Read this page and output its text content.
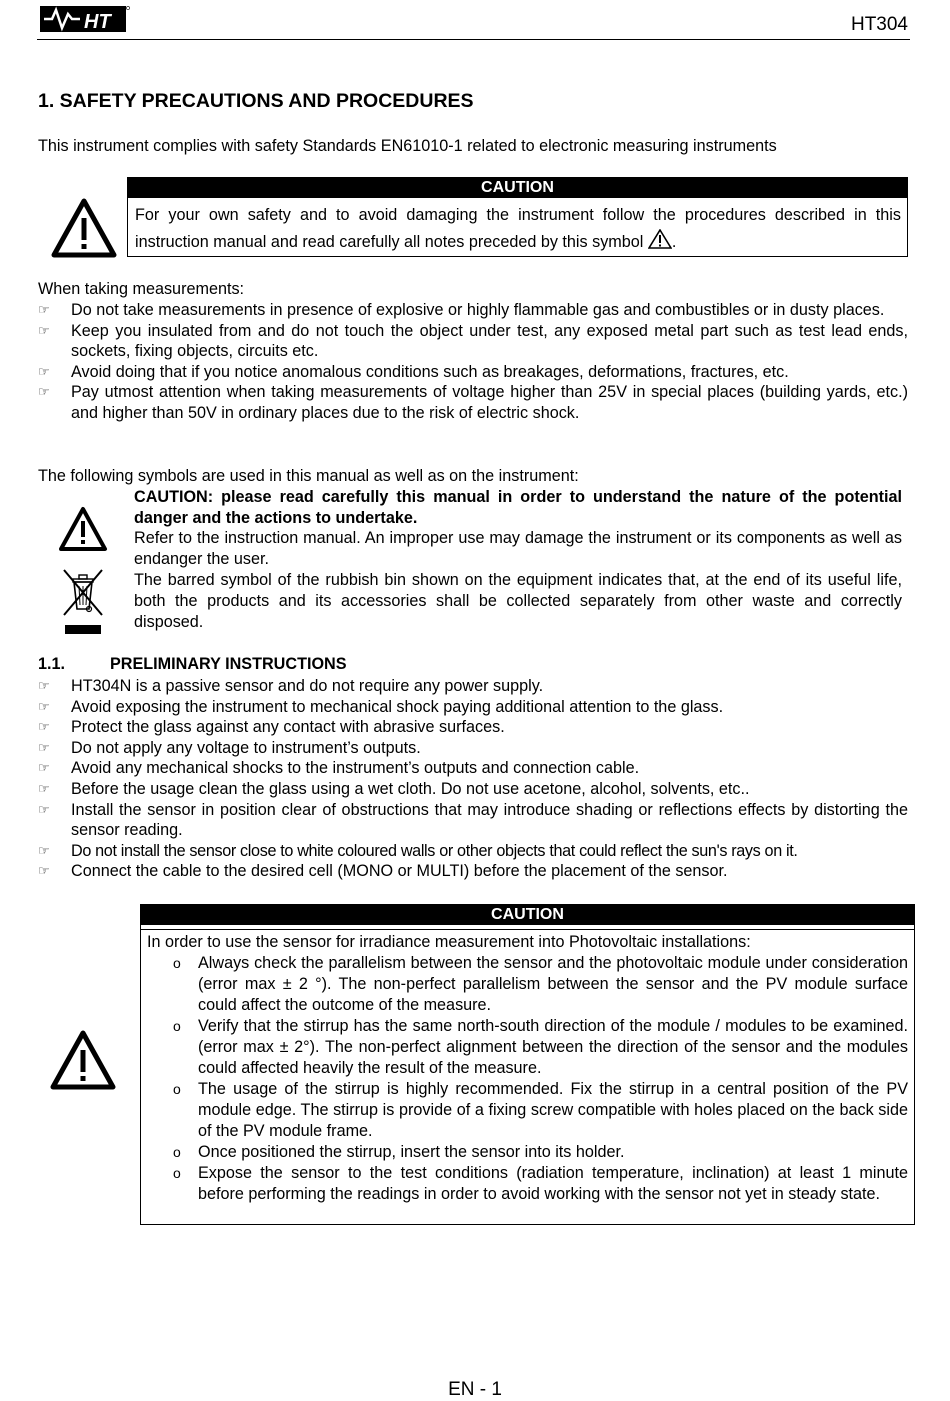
HT	HT304
1. SAFETY PRECAUTIONS AND PROCEDURES
This instrument complies with safety Standards EN61010-1 related to electronic measuring instruments
CAUTION
For your own safety and to avoid damaging the instrument follow the procedures described in this instruction manual and read carefully all notes preceded by this symbol .
When taking measurements:
☞ Do not take measurements in presence of explosive or highly flammable gas and combustibles or in dusty places.
☞ Keep you insulated from and do not touch the object under test, any exposed metal part such as test lead ends, sockets, fixing objects, circuits etc.
☞ Avoid doing that if you notice anomalous conditions such as breakages, deformations, fractures, etc.
☞ Pay utmost attention when taking measurements of voltage higher than 25V in special places (building yards, etc.) and higher than 50V in ordinary places due to the risk of electric shock.
The following symbols are used in this manual as well as on the instrument:
CAUTION: please read carefully this manual in order to understand the nature of the potential danger and the actions to undertake.
Refer to the instruction manual. An improper use may damage the instrument or its components as well as endanger the user.
The barred symbol of the rubbish bin shown on the equipment indicates that, at the end of its useful life, both the products and its accessories shall be collected separately from other waste and correctly disposed.
1.1.	PRELIMINARY INSTRUCTIONS
☞ HT304N is a passive sensor and do not require any power supply.
☞ Avoid exposing the instrument to mechanical shock paying additional attention to the glass.
☞ Protect the glass against any contact with abrasive surfaces.
☞ Do not apply any voltage to instrument’s outputs.
☞ Avoid any mechanical shocks to the instrument’s outputs and connection cable.
☞ Before the usage clean the glass using a wet cloth. Do not use acetone, alcohol, solvents, etc..
☞ Install the sensor in position clear of obstructions that may introduce shading or reflections effects by distorting the sensor reading.
☞ Do not install the sensor close to white coloured walls or other objects that could reflect the sun's rays on it.
☞ Connect the cable to the desired cell (MONO or MULTI) before the placement of the sensor.
CAUTION
In order to use the sensor for irradiance measurement into Photovoltaic installations:
o Always check the parallelism between the sensor and the photovoltaic module under consideration (error max ± 2 °). The non-perfect parallelism between the sensor and the PV module surface could affect the outcome of the measure.
o Verify that the stirrup has the same north-south direction of the module / modules to be examined. (error max ± 2°). The non-perfect alignment between the direction of the sensor and the modules could affected heavily the result of the measure.
o The usage of the stirrup is highly recommended. Fix the stirrup in a central position of the PV module edge. The stirrup is provide of a fixing screw compatible with holes placed on the back side of the PV module frame.
o Once positioned the stirrup, insert the sensor into its holder.
o Expose the sensor to the test conditions (radiation temperature, inclination) at least 1 minute before performing the readings in order to avoid working with the sensor not yet in steady state.
EN - 1
